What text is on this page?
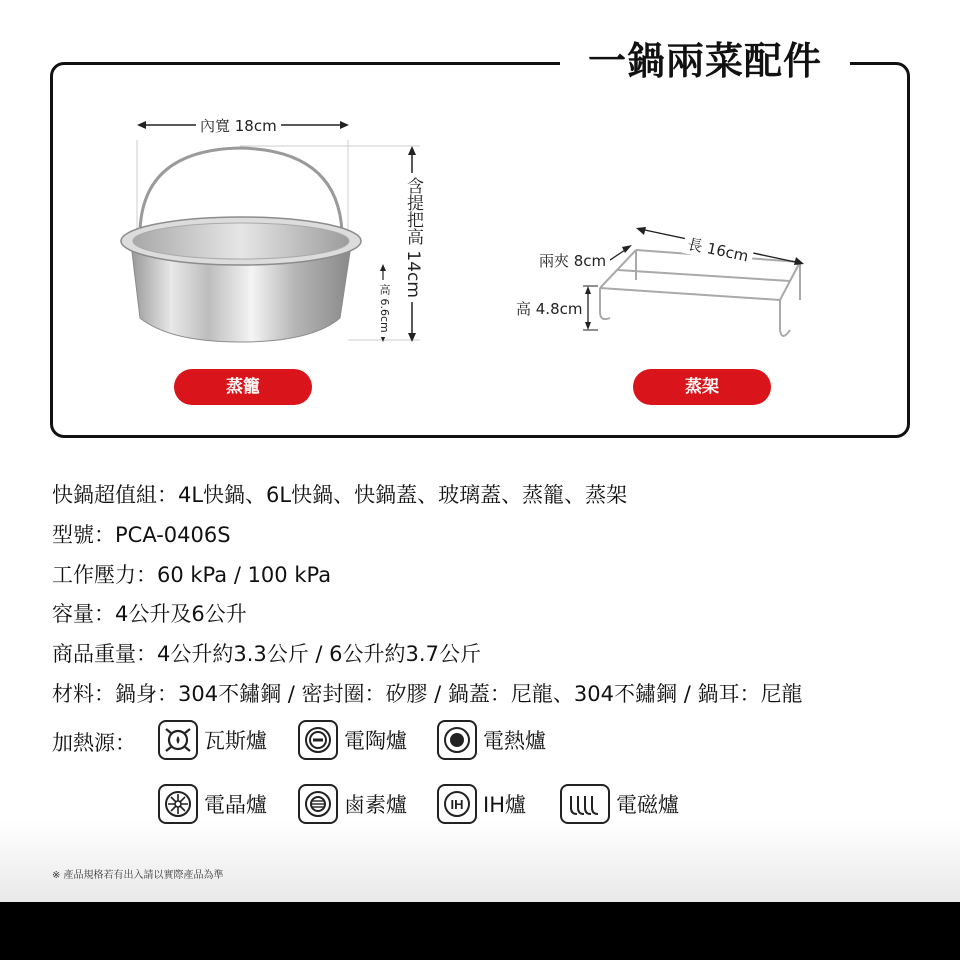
一鍋兩菜配件
內寬 18cm
含提把高 14cm
高 6.6cm
長 16cm
兩夾 8cm
高 4.8cm
蒸籠	蒸架
快鍋超值組：4L快鍋、6L快鍋、快鍋蓋、玻璃蓋、蒸籠、蒸架
型號：PCA-0406S
工作壓力：60 kPa / 100 kPa
容量：4公升及6公升
商品重量：4公升約3.3公斤 / 6公升約3.7公斤
材料：鍋身：304不鏽鋼 / 密封圈：矽膠 / 鍋蓋：尼龍、304不鏽鋼 / 鍋耳：尼龍
加熱源：	瓦斯爐	電陶爐	電熱爐
電晶爐	鹵素爐	IH IH爐	電磁爐
※ 產品規格若有出入請以實際產品為準
